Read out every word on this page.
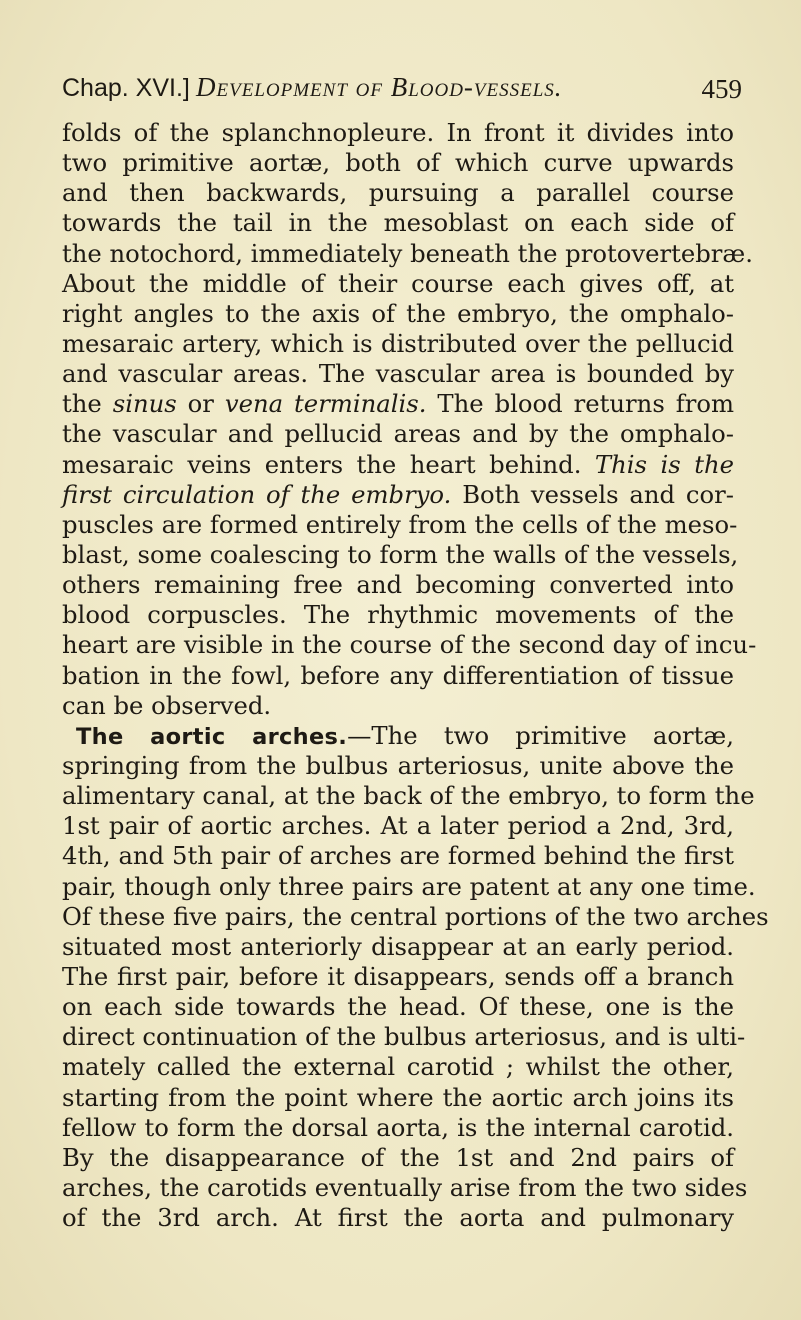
Chap. XVI.] Development of Blood-vessels.	459
folds of the splanchnopleure. In front it divides into
two primitive aortæ, both of which curve upwards
and then backwards, pursuing a parallel course
towards the tail in the mesoblast on each side of
the notochord, immediately beneath the protovertebræ.
About the middle of their course each gives off, at
right angles to the axis of the embryo, the omphalo-
mesaraic artery, which is distributed over the pellucid
and vascular areas. The vascular area is bounded by
the sinus or vena terminalis. The blood returns from
the vascular and pellucid areas and by the omphalo-
mesaraic veins enters the heart behind. This is the
first circulation of the embryo. Both vessels and cor-
puscles are formed entirely from the cells of the meso-
blast, some coalescing to form the walls of the vessels,
others remaining free and becoming converted into
blood corpuscles. The rhythmic movements of the
heart are visible in the course of the second day of incu-
bation in the fowl, before any differentiation of tissue
can be observed.
The aortic arches.—The two primitive aortæ,
springing from the bulbus arteriosus, unite above the
alimentary canal, at the back of the embryo, to form the
1st pair of aortic arches. At a later period a 2nd, 3rd,
4th, and 5th pair of arches are formed behind the first
pair, though only three pairs are patent at any one time.
Of these five pairs, the central portions of the two arches
situated most anteriorly disappear at an early period.
The first pair, before it disappears, sends off a branch
on each side towards the head. Of these, one is the
direct continuation of the bulbus arteriosus, and is ulti-
mately called the external carotid ; whilst the other,
starting from the point where the aortic arch joins its
fellow to form the dorsal aorta, is the internal carotid.
By the disappearance of the 1st and 2nd pairs of
arches, the carotids eventually arise from the two sides
of the 3rd arch. At first the aorta and pulmonary
